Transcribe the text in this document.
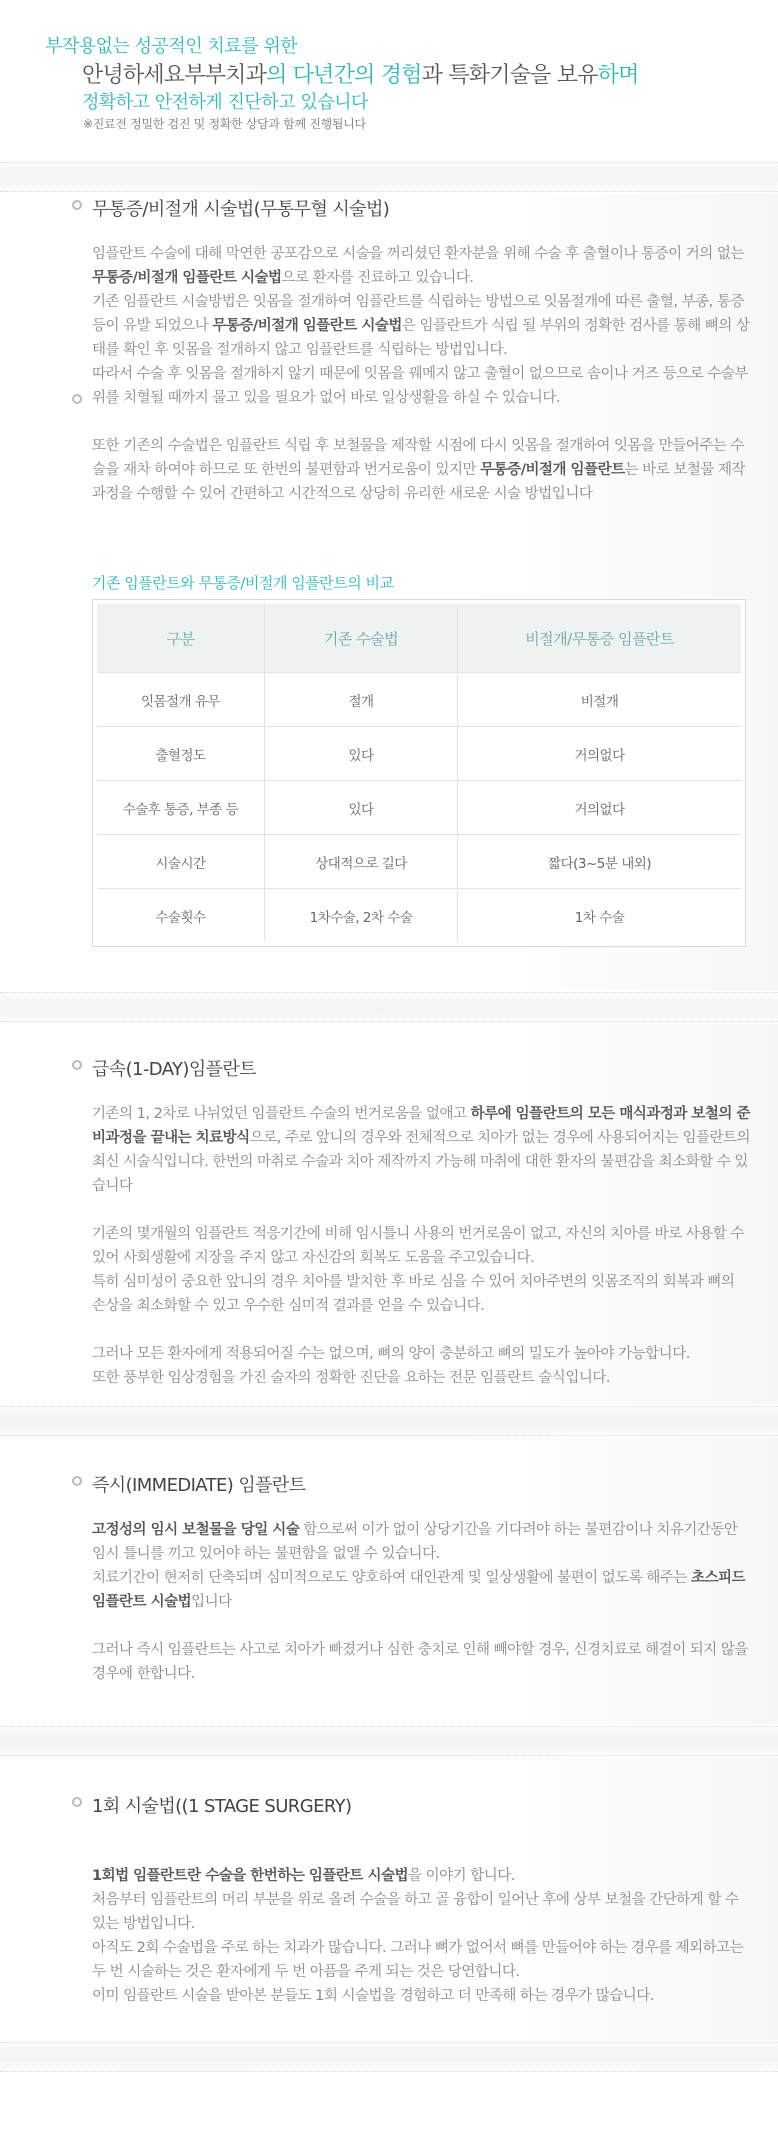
부작용없는 성공적인 치료를 위한
안녕하세요부부치과의 다년간의 경험과 특화기술을 보유하며
정확하고 안전하게 진단하고 있습니다
※진료전 정밀한 검진 및 정확한 상담과 함께 진행됩니다
무통증/비절개 시술법(무통무혈 시술법)

임플란트 수술에 대해 막연한 공포감으로 시술을 꺼리셨던 환자분을 위해 수술 후 출혈이나 통증이 거의 없는 무통증/비절개 임플란트 시술법으로 환자를 진료하고 있습니다.

기존 임플란트 시술방법은 잇몸을 절개하여 임플란트를 식립하는 방법으로 잇몸절개에 따른 출혈, 부종, 통증등이 유발 되었으나 무통증/비절개 임플란트 시술법은 임플란트가 식립 될 부위의 정확한 검사를 통해 뼈의 상태를 확인 후 잇몸을 절개하지 않고 임플란트를 식립하는 방법입니다.

따라서 수술 후 잇몸을 절개하지 않기 때문에 잇몸을 꿰메지 않고 출혈이 없으므로 솜이나 거즈 등으로 수술부위를 치혈될 때까지 물고 있을 필요가 없어 바로 일상생활을 하실 수 있습니다.

또한 기존의 수술법은 임플란트 식립 후 보철물을 제작할 시점에 다시 잇몸을 절개하여 잇몸을 만들어주는 수술을 재차 하여야 하므로 또 한번의 불편함과 번거로움이 있지만 무통증/비절개 임플란트는 바로 보철물 제작과정을 수행할 수 있어 간편하고 시간적으로 상당히 유리한 새로운 시술 방법입니다

기존 임플란트와 무통증/비절개 임플란트의 비교
구분	기존 수술법	비절개/무통증 임플란트
잇몸절개 유무	절개	비절개
출혈정도	있다	거의없다
수술후 통증, 부종 등	있다	거의없다
시술시간	상대적으로 길다	짧다(3~5분 내외)
수술횟수	1차수술, 2차 수술	1차 수술
급속(1-DAY)임플란트

기존의 1, 2차로 나뉘었던 임플란트 수술의 번거로움을 없애고 하루에 임플란트의 모든 매식과정과 보철의 준비과정을 끝내는 치료방식으로, 주로 앞니의 경우와 전체적으로 치아가 없는 경우에 사용되어지는 임플란트의 최신 시술식입니다. 한번의 마취로 수술과 치아 제작까지 가능해 마취에 대한 환자의 불편감을 최소화할 수 있습니다

기존의 몇개월의 임플란트 적응기간에 비해 임시틀니 사용의 번거로움이 없고, 자신의 치아를 바로 사용할 수 있어 사회생활에 지장을 주지 않고 자신감의 회복도 도움을 주고있습니다.

특히 심미성이 중요한 앞니의 경우 치아를 발치한 후 바로 심을 수 있어 치아주변의 잇몸조직의 회복과 뼈의 손상을 최소화할 수 있고 우수한 심미적 결과를 얻을 수 있습니다.

그러나 모든 환자에게 적용되어질 수는 없으며, 뼈의 양이 충분하고 뼈의 밀도가 높아야 가능합니다.

또한 풍부한 임상경험을 가진 술자의 정확한 진단을 요하는 전문 임플란트 술식입니다.

즉시(IMMEDIATE) 임플란트

고정성의 임시 보철물을 당일 시술 함으로써 이가 없이 상당기간을 기다려야 하는 불편감이나 치유기간동안 임시 틀니를 끼고 있어야 하는 불편함을 없앨 수 있습니다.

치료기간이 현저히 단축되며 심미적으로도 양호하여 대인관계 및 일상생활에 불편이 없도록 해주는 초스피드 임플란트 시술법입니다

그러나 즉시 임플란트는 사고로 치아가 빠졌거나 심한 충치로 인해 빼야할 경우, 신경치료로 해결이 되지 않을 경우에 한합니다.

1회 시술법((1 STAGE SURGERY)

1회법 임플란트란 수술을 한번하는 임플란트 시술법을 이야기 합니다.

처음부터 임플란트의 머리 부분을 위로 올려 수술을 하고 골 융합이 일어난 후에 상부 보철을 간단하게 할 수 있는 방법입니다.

아직도 2회 수술법을 주로 하는 치과가 많습니다. 그러나 뼈가 없어서 뼈를 만들어야 하는 경우를 제외하고는 두 번 시술하는 것은 환자에게 두 번 아픔을 주게 되는 것은 당연합니다.

이미 임플란트 시술을 받아본 분들도 1회 시술법을 경험하고 더 만족해 하는 경우가 많습니다.
